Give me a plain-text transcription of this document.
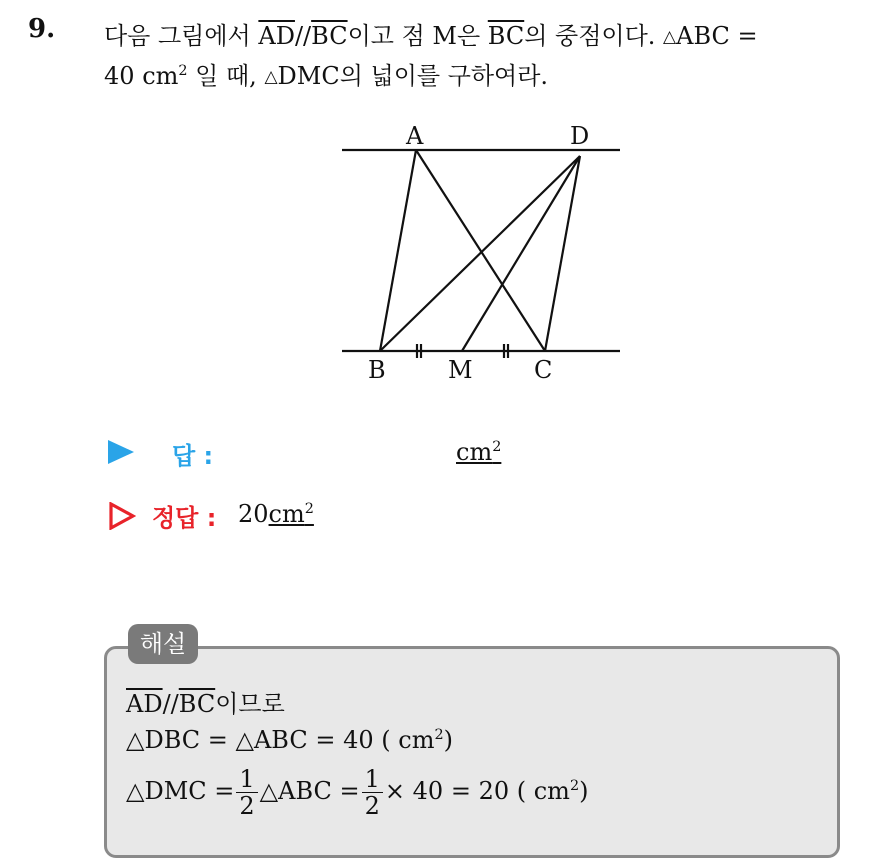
9. 다음 그림에서 $\overline{AD}//\overline{BC}$이고 점 M은 $\overline{BC}$의 중점이다. △ABC =
40 $cm^2$ 일 때, △DMC의 넓이를 구하여라.
A	D
B	M	C
답 :	$cm^2$
정답 : $20cm^2$
해설
$\overline{AD}//\overline{BC}$이므로
△DBC = △ABC = 40 ( $cm^2$)
△DMC = $\frac{1}{2}$ △ABC = $\frac{1}{2} \times 40 = 20$ ( $cm^2$)
